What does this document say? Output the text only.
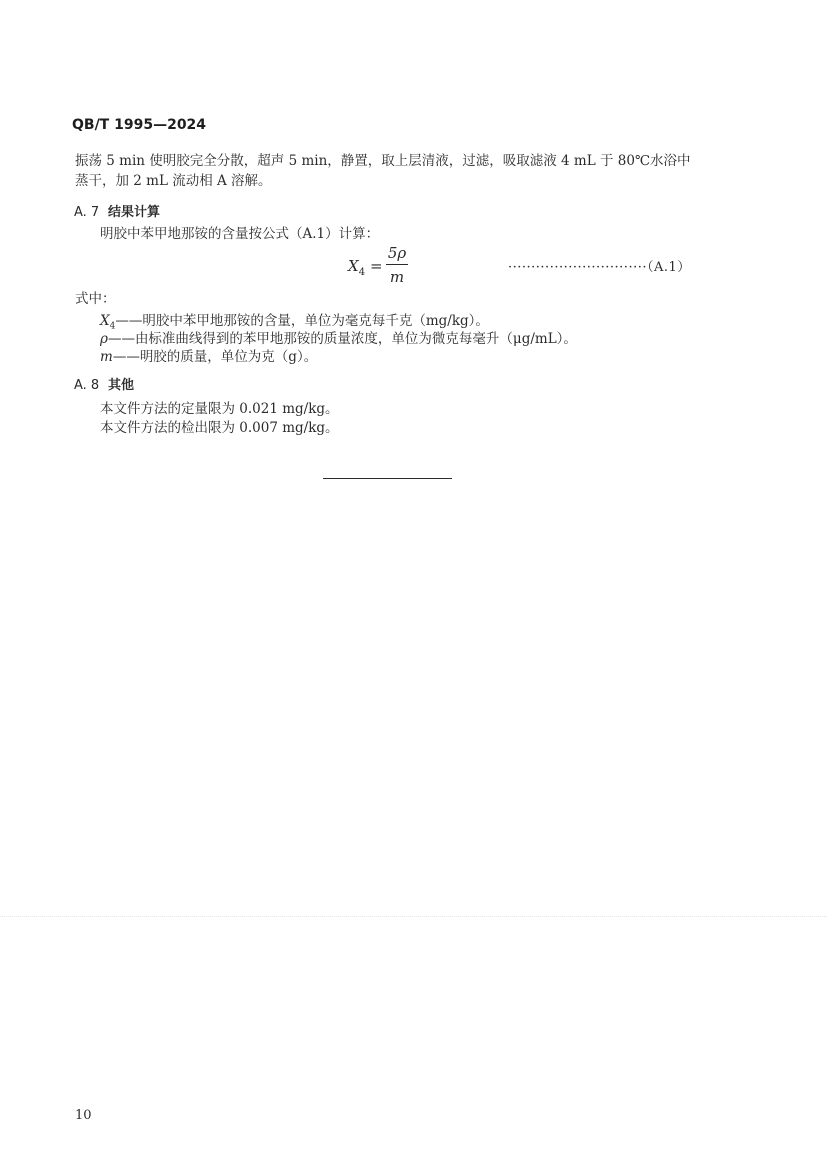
QB/T 1995—2024
振荡 5 min 使明胶完全分散，超声 5 min，静置，取上层清液，过滤，吸取滤液 4 mL 于 80℃水浴中
蒸干，加 2 mL 流动相 A 溶解。
A. 7 结果计算
明胶中苯甲地那铵的含量按公式（A.1）计算：
$X_4$ =
5ρ
m
······························（A.1）
式中：
$X_4——$明胶中苯甲地那铵的含量，单位为毫克每千克（mg/kg）。
ρ——由标准曲线得到的苯甲地那铵的质量浓度，单位为微克每毫升（μg/mL）。
m——明胶的质量，单位为克（g）。
A. 8 其他
本文件方法的定量限为 0.021 mg/kg。
本文件方法的检出限为 0.007 mg/kg。
10
